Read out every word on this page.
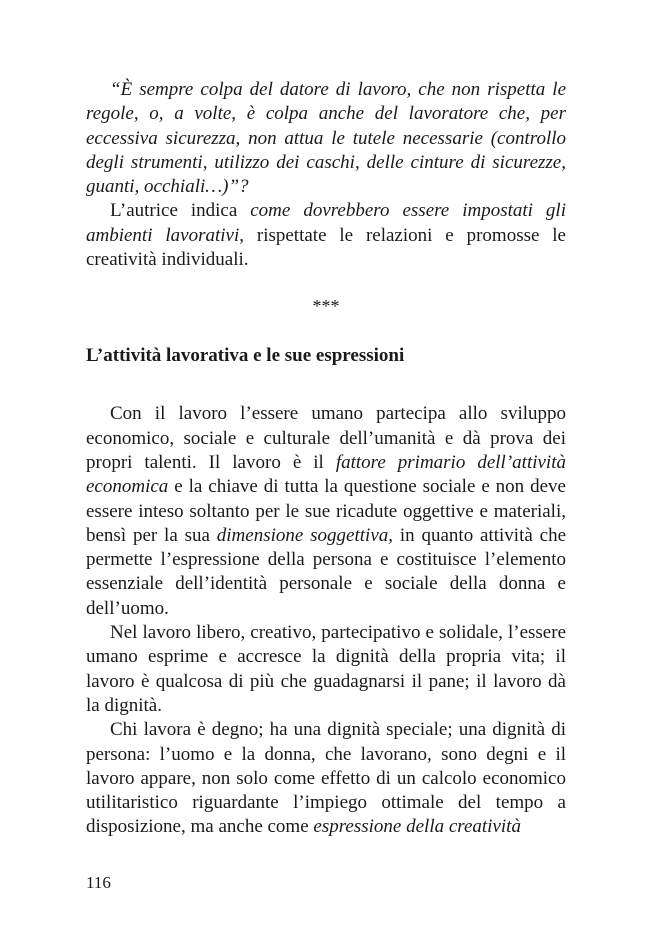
“È sempre colpa del datore di lavoro, che non rispetta le regole, o, a volte, è colpa anche del lavoratore che, per eccessiva sicurezza, non attua le tutele necessarie (controllo degli strumenti, utilizzo dei caschi, delle cinture di sicurezze, guanti, occhiali…)”?

L’autrice indica come dovrebbero essere impostati gli ambienti lavorativi, rispettate le relazioni e promosse le creatività individuali.

***
L’attività lavorativa e le sue espressioni

Con il lavoro l’essere umano partecipa allo sviluppo economico, sociale e culturale dell’umanità e dà prova dei propri talenti. Il lavoro è il fattore primario dell’attività economica e la chiave di tutta la questione sociale e non deve essere inteso soltanto per le sue ricadute oggettive e materiali, bensì per la sua dimensione soggettiva, in quanto attività che permette l’espressione della persona e costituisce l’elemento essenziale dell’identità personale e sociale della donna e dell’uomo.

Nel lavoro libero, creativo, partecipativo e solidale, l’essere umano esprime e accresce la dignità della propria vita; il lavoro è qualcosa di più che guadagnarsi il pane; il lavoro dà la dignità.

Chi lavora è degno; ha una dignità speciale; una dignità di persona: l’uomo e la donna, che lavorano, sono degni e il lavoro appare, non solo come effetto di un calcolo economico utilitaristico riguardante l’impiego ottimale del tempo a disposizione, ma anche come espressione della creatività

116
